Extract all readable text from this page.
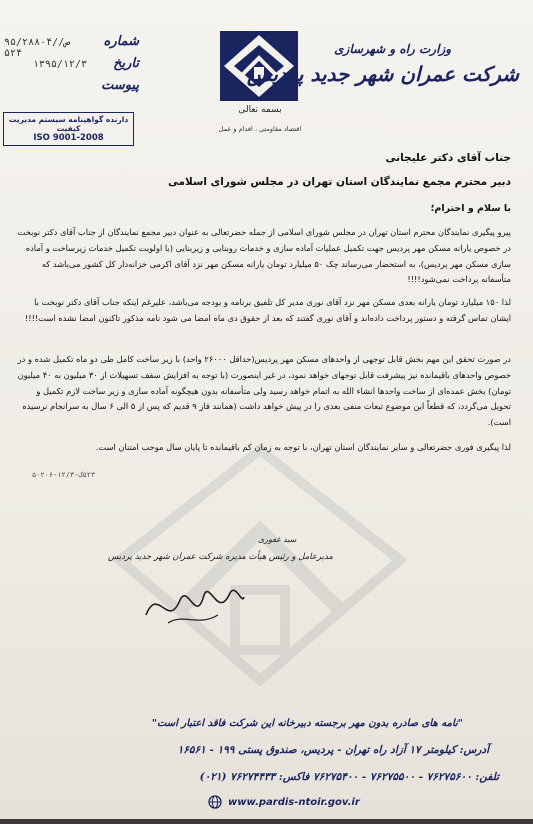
شماره
۹۵/۲۸۸۰۴/ص/۵۲۴
تاریخ
۱۳۹۵/۱۲/۳
پیوست
دارنده گواهینامه سیستم مدیریت کیفیت
ISO 9001-2008
بسمه تعالی
اقتصاد مقاومتی ، اقدام و عمل
وزارت راه و شهرسازی
شرکت عمران شهر جدید پردیس
جناب آقای دکتر علیجانی
دبیر محترم مجمع نمایندگان استان تهران در مجلس شورای اسلامی
با سلام و احترام؛
پیرو پیگیری نمایندگان محترم استان تهران در مجلس شورای اسلامی از جمله حضرتعالی به عنوان دبیر مجمع نمایندگان از جناب آقای دکتر نوبخت در خصوص یارانه مسکن مهر پردیس جهت تکمیل عملیات آماده سازی و خدمات روبنایی و زیربنایی (با اولویت تکمیل خدمات زیرساخت و آماده سازی مسکن مهر پردیس)، به استحضار می‌رساند چک ۵۰ میلیارد تومان یارانه مسکن مهر نزد آقای اکرمی خزانه‌دار کل کشور می‌باشد که متأسفانه پرداخت نمی‌شود!!!!
لذا ۱۵۰ میلیارد تومان یارانه بعدی مسکن مهر نزد آقای نوری مدیر کل تلفیق برنامه و بودجه می‌باشد، علیرغم اینکه جناب آقای دکتر نوبخت با ایشان تماس گرفته و دستور پرداخت داده‌اند و آقای نوری گفتند که بعد از حقوق دی ماه امضا می شود نامه مذکور تاکنون امضا نشده است!!!!
در صورت تحقق این مهم بخش قابل توجهی از واحدهای مسکن مهر پردیس(حداقل ۲۶۰۰۰ واحد) با زیر ساخت کامل طی دو ماه تکمیل شده و در خصوص واحدهای باقیمانده نیز پیشرفت قابل توجهای خواهد نمود، در غیر اینصورت (با توجه به افزایش سقف تسهیلات از ۳۰ میلیون به ۴۰ میلیون تومان) بخش عمده‌ای از ساخت واحدها انشاء الله به اتمام خواهد رسید ولی متأسفانه بدون هیچگونه آماده سازی و زیر ساخت لازم تکمیل و تحویل می‌گردد، که قطعاً این موضوع تبعات منفی بعدی را در پیش خواهد داشت (همانند فاز ۹ قدیم که پس از ۵ الی ۶ سال به سرانجام نرسیده است).
لذا پیگیری فوری حضرتعالی و سایر نمایندگان استان تهران، با توجه به زمان کم باقیمانده تا پایان سال موجب امتنان است.
۵۲۳ک-۱۲/۳-۵۰۲۰۶
سید غفوری
مدیرعامل و رئیس هیأت مدیره شرکت عمران شهر جدید پردیس
"نامه های صادره بدون مهر برجسته دبیرخانه این شرکت فاقد اعتبار است"
آدرس: کیلومتر ۱۷ آزاد راه تهران - پردیس، صندوق پستی ۱۹۹ - ۱۶۵۶۱
تلفن: ۷۶۲۷۵۶۰۰ - ۷۶۲۷۵۵۰۰ - ۷۶۲۷۵۴۰۰ فاکس: ۷۶۲۷۴۴۳۳ (۰۲۱)
www.pardis-ntoir.gov.ir
